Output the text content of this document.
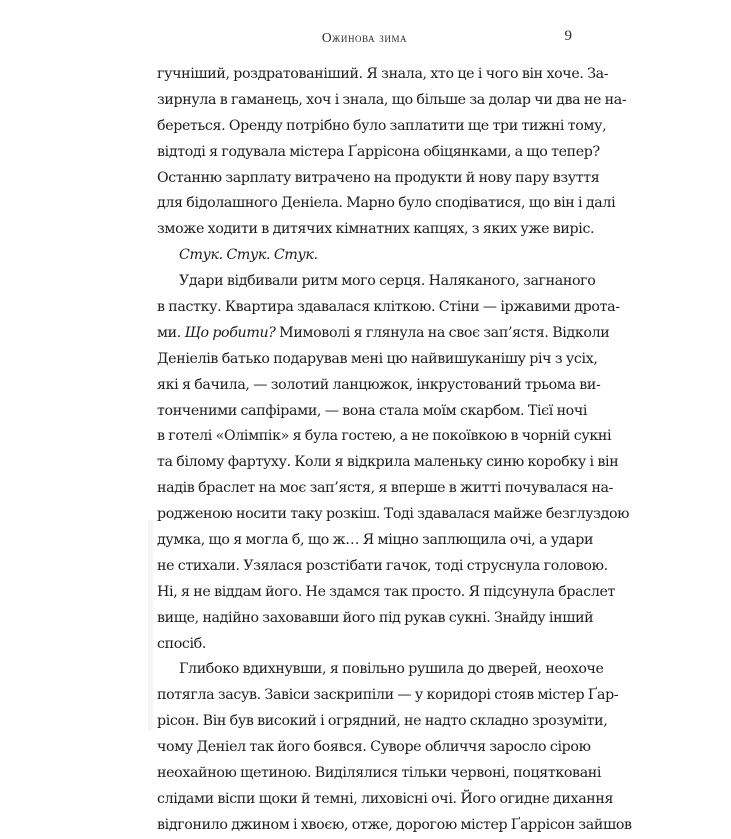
Ожинова зима	9
гучніший, роздратованіший. Я знала, хто це і чого він хоче. За-
зирнула в гаманець, хоч і знала, що більше за долар чи два не на-
береться. Оренду потрібно було заплатити ще три тижні тому,
відтоді я годувала містера Ґаррісона обіцянками, а що тепер?
Останню зарплату витрачено на продукти й нову пару взуття
для бідолашного Деніела. Марно було сподіватися, що він і далі
зможе ходити в дитячих кімнатних капцях, з яких уже виріс.
Стук. Стук. Стук.
Удари відбивали ритм мого серця. Наляканого, загнаного
в пастку. Квартира здавалася кліткою. Стіни — іржавими дрота-
ми. Що робити? Мимоволі я глянула на своє зап’ястя. Відколи
Деніелів батько подарував мені цю найвишуканішу річ з усіх,
які я бачила, — золотий ланцюжок, інкрустований трьома ви-
тонченими сапфірами, — вона стала моїм скарбом. Тієї ночі
в готелі «Олімпік» я була гостею, а не покоївкою в чорній сукні
та білому фартуху. Коли я відкрила маленьку синю коробку і він
надів браслет на моє зап’ястя, я вперше в житті почувалася на-
родженою носити таку розкіш. Тоді здавалася майже безглуздою
думка, що я могла б, що ж… Я міцно заплющила очі, а удари
не стихали. Узялася розстібати гачок, тоді струснула головою.
Ні, я не віддам його. Не здамся так просто. Я підсунула браслет
вище, надійно заховавши його під рукав сукні. Знайду інший
спосіб.
Глибоко вдихнувши, я повільно рушила до дверей, неохоче
потягла засув. Завіси заскрипіли — у коридорі стояв містер Ґар-
рісон. Він був високий і огрядний, не надто складно зрозуміти,
чому Деніел так його боявся. Суворе обличчя заросло сірою
неохайною щетиною. Виділялися тільки червоні, поцятковані
слідами віспи щоки й темні, лиховісні очі. Його огидне дихання
відгонило джином і хвоєю, отже, дорогою містер Ґаррісон зайшов
